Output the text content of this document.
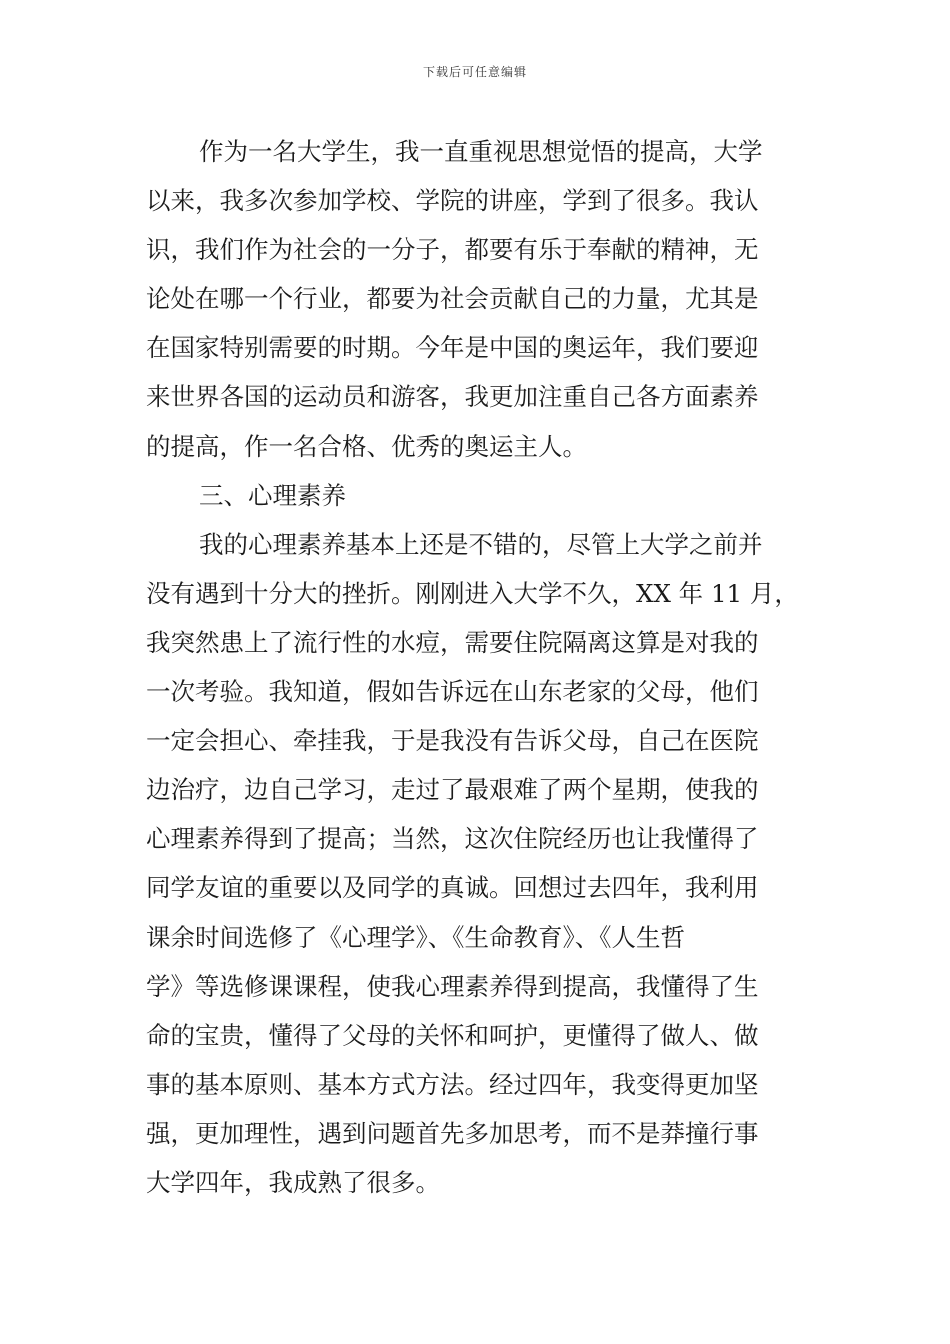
下载后可任意编辑
作为一名大学生，我一直重视思想觉悟的提高，大学
以来，我多次参加学校、学院的讲座，学到了很多。我认
识，我们作为社会的一分子，都要有乐于奉献的精神，无
论处在哪一个行业，都要为社会贡献自己的力量，尤其是
在国家特别需要的时期。今年是中国的奥运年，我们要迎
来世界各国的运动员和游客，我更加注重自己各方面素养
的提高，作一名合格、优秀的奥运主人。
三、心理素养
我的心理素养基本上还是不错的，尽管上大学之前并
没有遇到十分大的挫折。刚刚进入大学不久，XX 年 11 月，
我突然患上了流行性的水痘，需要住院隔离这算是对我的
一次考验。我知道，假如告诉远在山东老家的父母，他们
一定会担心、牵挂我，于是我没有告诉父母，自己在医院
边治疗，边自己学习，走过了最艰难了两个星期，使我的
心理素养得到了提高；当然，这次住院经历也让我懂得了
同学友谊的重要以及同学的真诚。回想过去四年，我利用
课余时间选修了《心理学》、《生命教育》、《人生哲
学》等选修课课程，使我心理素养得到提高，我懂得了生
命的宝贵，懂得了父母的关怀和呵护，更懂得了做人、做
事的基本原则、基本方式方法。经过四年，我变得更加坚
强，更加理性，遇到问题首先多加思考，而不是莽撞行事
大学四年，我成熟了很多。
